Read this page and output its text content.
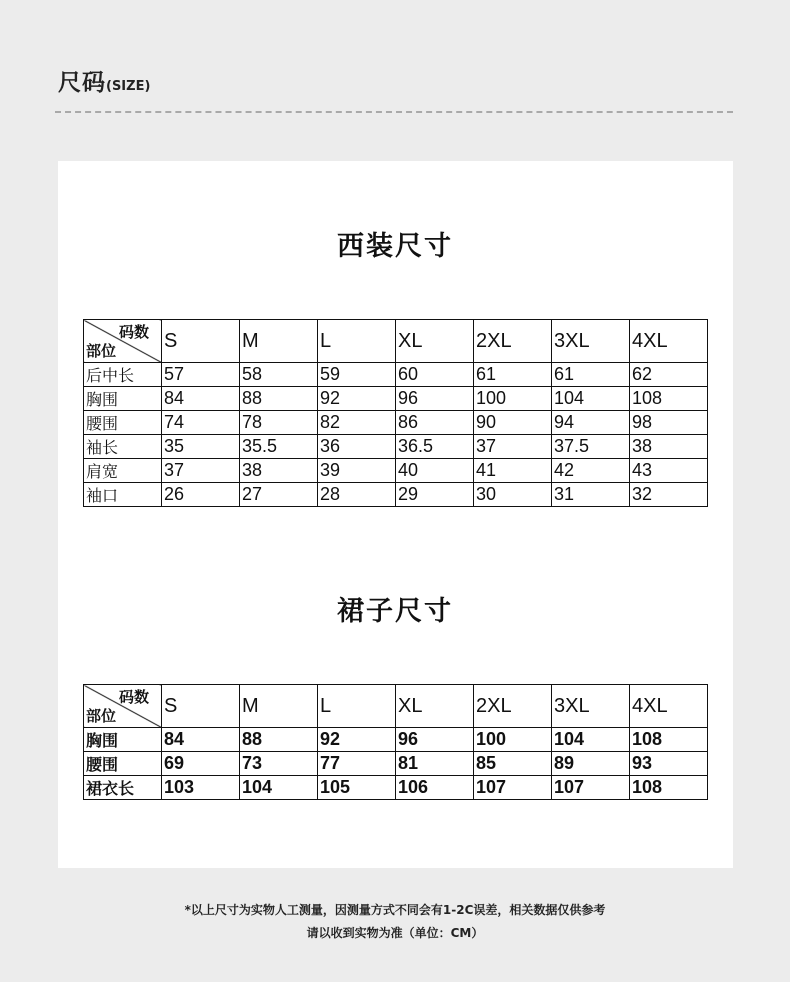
尺码(SIZE)
西装尺寸
码数
部位	S	M	L	XL	2XL	3XL	4XL
后中长	57	58	59	60	61	61	62
胸围	84	88	92	96	100	104	108
腰围	74	78	82	86	90	94	98
袖长	35	35.5	36	36.5	37	37.5	38
肩宽	37	38	39	40	41	42	43
袖口	26	27	28	29	30	31	32
裙子尺寸
码数
部位	S	M	L	XL	2XL	3XL	4XL
胸围	84	88	92	96	100	104	108
腰围	69	73	77	81	85	89	93
裙衣长	103	104	105	106	107	107	108
*以上尺寸为实物人工测量，因测量方式不同会有1-2C误差，相关数据仅供参考
请以收到实物为准（单位：CM）
